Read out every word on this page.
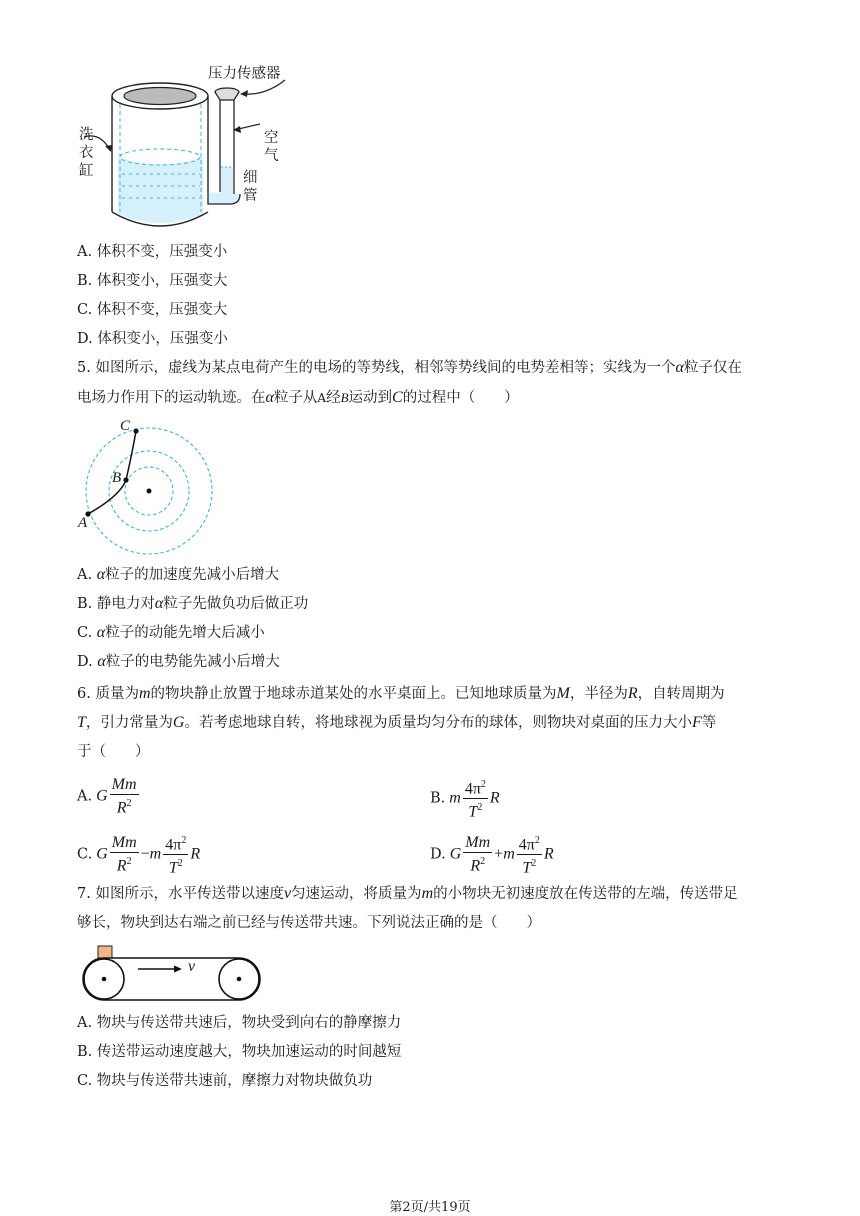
压力传感器
洗
衣
缸
空
气
细
管
A. 体积不变，压强变小
B. 体积变小，压强变大
C. 体积不变，压强变大
D. 体积变小，压强变小
5. 如图所示，虚线为某点电荷产生的电场的等势线，相邻等势线间的电势差相等；实线为一个α粒子仅在
电场力作用下的运动轨迹。在α粒子从A经B运动到C的过程中（　　）
A
B
C
A. α粒子的加速度先减小后增大
B. 静电力对α粒子先做负功后做正功
C. α粒子的动能先增大后减小
D. α粒子的电势能先减小后增大
6. 质量为m的物块静止放置于地球赤道某处的水平桌面上。已知地球质量为M，半径为R，自转周期为
T，引力常量为G。若考虑地球自转，将地球视为质量均匀分布的球体，则物块对桌面的压力大小F等
于（　　）
A. G $\frac{Mm}{R^2}$	B. m $\frac{4\pi^2}{T^2}$ R
C. G $\frac{Mm}{R^2} -m \frac{4\pi^2}{T^2}$ R	D. G $\frac{Mm}{R^2} +m \frac{4\pi^2}{T^2}$ R
7. 如图所示，水平传送带以速度v匀速运动，将质量为m的小物块无初速度放在传送带的左端，传送带足
够长，物块到达右端之前已经与传送带共速。下列说法正确的是（　　）
v
A. 物块与传送带共速后，物块受到向右的静摩擦力
B. 传送带运动速度越大，物块加速运动的时间越短
C. 物块与传送带共速前，摩擦力对物块做负功
第2页/共19页
